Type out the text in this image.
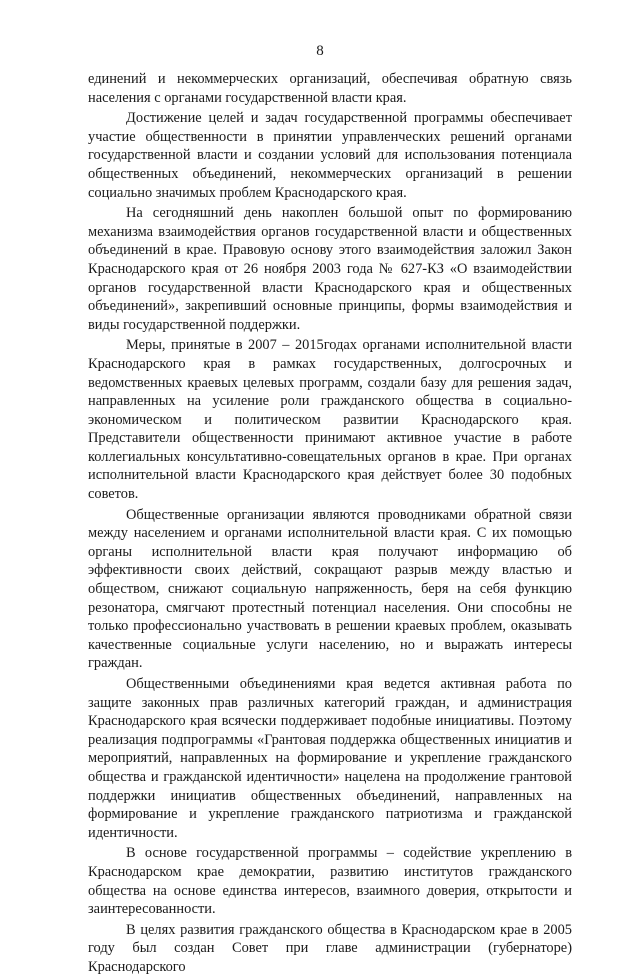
8

единений и некоммерческих организаций, обеспечивая обратную связь населения с органами государственной власти края.

Достижение целей и задач государственной программы обеспечивает участие общественности в принятии управленческих решений органами государственной власти и создании условий для использования потенциала общественных объединений, некоммерческих организаций в решении социально значимых проблем Краснодарского края.

На сегодняшний день накоплен большой опыт по формированию механизма взаимодействия органов государственной власти и общественных объединений в крае. Правовую основу этого взаимодействия заложил Закон Краснодарского края от 26 ноября 2003 года № 627-КЗ «О взаимодействии органов государственной власти Краснодарского края и общественных объединений», закрепивший основные принципы, формы взаимодействия и виды государственной поддержки.

Меры, принятые в 2007 – 2015годах органами исполнительной власти Краснодарского края в рамках государственных, долгосрочных и ведомственных краевых целевых программ, создали базу для решения задач, направленных на усиление роли гражданского общества в социально-экономическом и политическом развитии Краснодарского края. Представители общественности принимают активное участие в работе коллегиальных консультативно-совещательных органов в крае. При органах исполнительной власти Краснодарского края действует более 30 подобных советов.

Общественные организации являются проводниками обратной связи между населением и органами исполнительной власти края. С их помощью органы исполнительной власти края получают информацию об эффективности своих действий, сокращают разрыв между властью и обществом, снижают социальную напряженность, беря на себя функцию резонатора, смягчают протестный потенциал населения. Они способны не только профессионально участвовать в решении краевых проблем, оказывать качественные социальные услуги населению, но и выражать интересы граждан.

Общественными объединениями края ведется активная работа по защите законных прав различных категорий граждан, и администрация Краснодарского края всячески поддерживает подобные инициативы. Поэтому реализация подпрограммы «Грантовая поддержка общественных инициатив и мероприятий, направленных на формирование и укрепление гражданского общества и гражданской идентичности» нацелена на продолжение грантовой поддержки инициатив общественных объединений, направленных на формирование и укрепление гражданского патриотизма и гражданской идентичности.

В основе государственной программы – содействие укреплению в Краснодарском крае демократии, развитию институтов гражданского общества на основе единства интересов, взаимного доверия, открытости и заинтересованности.

В целях развития гражданского общества в Краснодарском крае в 2005 году был создан Совет при главе администрации (губернаторе) Краснодарского
